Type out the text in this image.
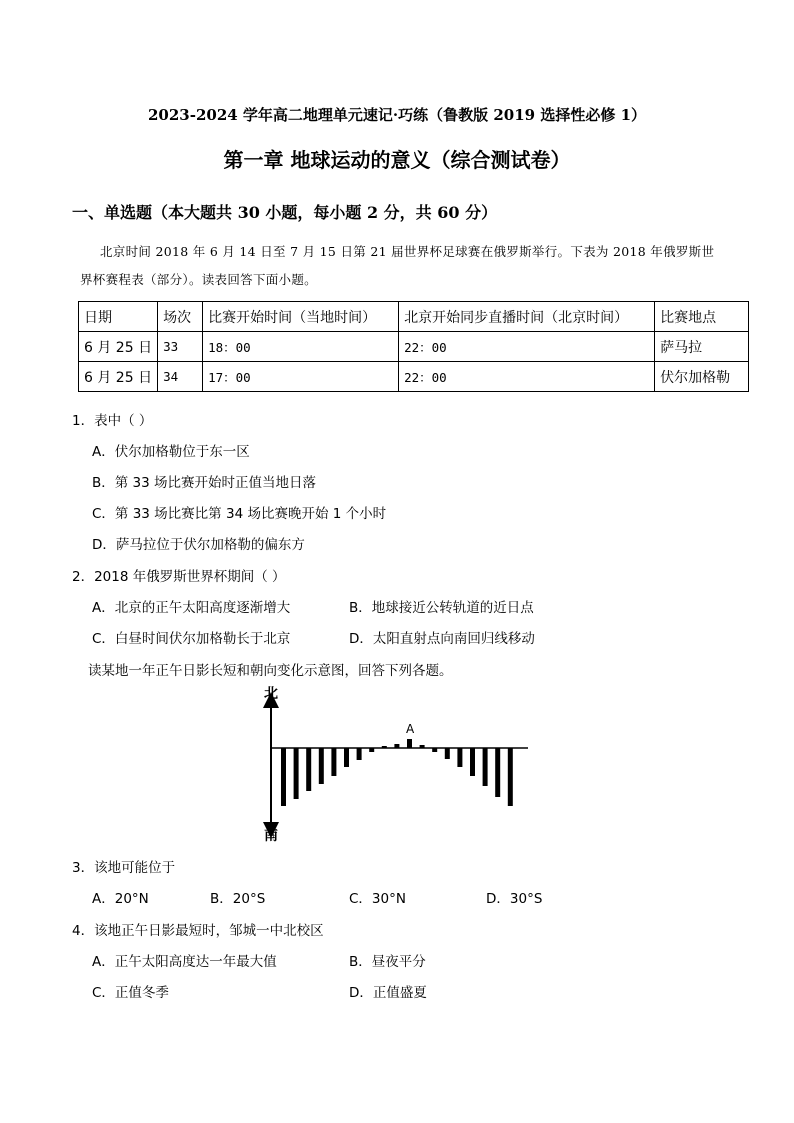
2023-2024 学年高二地理单元速记·巧练（鲁教版 2019 选择性必修 1）
第一章 地球运动的意义（综合测试卷）
一、单选题（本大题共 30 小题，每小题 2 分，共 60 分）
北京时间 2018 年 6 月 14 日至 7 月 15 日第 21 届世界杯足球赛在俄罗斯举行。下表为 2018 年俄罗斯世
界杯赛程表（部分）。读表回答下面小题。
日期	场次	比赛开始时间（当地时间）	北京开始同步直播时间（北京时间）	比赛地点
6 月 25 日	33	18：00	22：00	萨马拉
6 月 25 日	34	17：00	22：00	伏尔加格勒
1．表中（ ）
A．伏尔加格勒位于东一区
B．第 33 场比赛开始时正值当地日落
C．第 33 场比赛比第 34 场比赛晚开始 1 个小时
D．萨马拉位于伏尔加格勒的偏东方
2．2018 年俄罗斯世界杯期间（ ）
A．北京的正午太阳高度逐渐增大	B．地球接近公转轨道的近日点
C．白昼时间伏尔加格勒长于北京	D．太阳直射点向南回归线移动
读某地一年正午日影长短和朝向变化示意图，回答下列各题。
北
南
A
3．该地可能位于
A．20°N	B．20°S	C．30°N	D．30°S
4．该地正午日影最短时，邹城一中北校区
A．正午太阳高度达一年最大值	B．昼夜平分
C．正值冬季	D．正值盛夏
